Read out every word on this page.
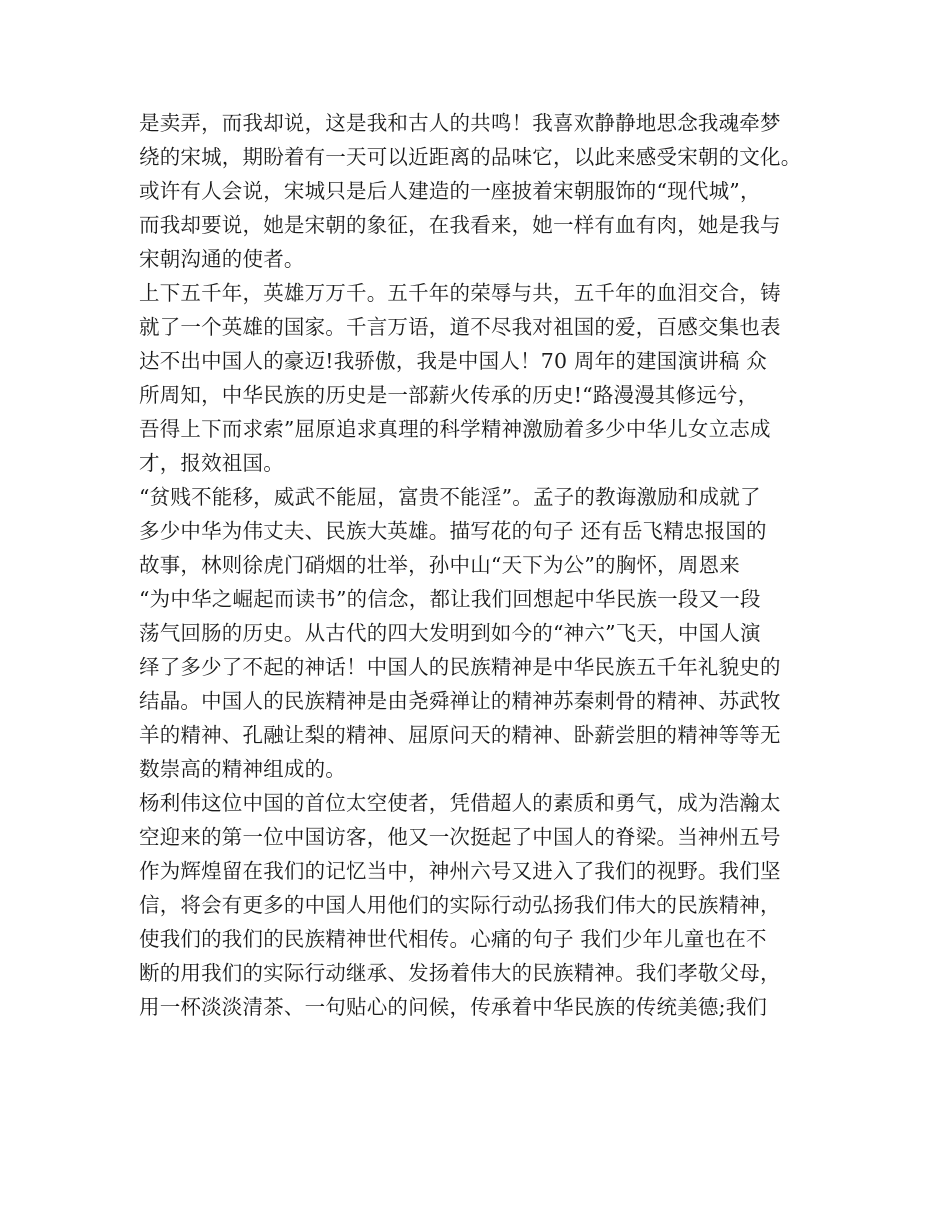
是卖弄，而我却说，这是我和古人的共鸣！我喜欢静静地思念我魂牵梦
绕的宋城，期盼着有一天可以近距离的品味它，以此来感受宋朝的文化。
或许有人会说，宋城只是后人建造的一座披着宋朝服饰的“现代城”，
而我却要说，她是宋朝的象征，在我看来，她一样有血有肉，她是我与
宋朝沟通的使者。
上下五千年，英雄万万千。五千年的荣辱与共，五千年的血泪交合，铸
就了一个英雄的国家。千言万语，道不尽我对祖国的爱，百感交集也表
达不出中国人的豪迈!我骄傲，我是中国人！70 周年的建国演讲稿 众
所周知，中华民族的历史是一部薪火传承的历史!“路漫漫其修远兮，
吾得上下而求索”屈原追求真理的科学精神激励着多少中华儿女立志成
才，报效祖国。
“贫贱不能移，威武不能屈，富贵不能淫”。孟子的教诲激励和成就了
多少中华为伟丈夫、民族大英雄。描写花的句子 还有岳飞精忠报国的
故事，林则徐虎门硝烟的壮举，孙中山“天下为公”的胸怀，周恩来
“为中华之崛起而读书”的信念，都让我们回想起中华民族一段又一段
荡气回肠的历史。从古代的四大发明到如今的“神六”飞天，中国人演
绎了多少了不起的神话！中国人的民族精神是中华民族五千年礼貌史的
结晶。中国人的民族精神是由尧舜禅让的精神苏秦刺骨的精神、苏武牧
羊的精神、孔融让梨的精神、屈原问天的精神、卧薪尝胆的精神等等无
数崇高的精神组成的。
杨利伟这位中国的首位太空使者，凭借超人的素质和勇气，成为浩瀚太
空迎来的第一位中国访客，他又一次挺起了中国人的脊梁。当神州五号
作为辉煌留在我们的记忆当中，神州六号又进入了我们的视野。我们坚
信，将会有更多的中国人用他们的实际行动弘扬我们伟大的民族精神，
使我们的我们的民族精神世代相传。心痛的句子 我们少年儿童也在不
断的用我们的实际行动继承、发扬着伟大的民族精神。我们孝敬父母，
用一杯淡淡清茶、一句贴心的问候，传承着中华民族的传统美德;我们
